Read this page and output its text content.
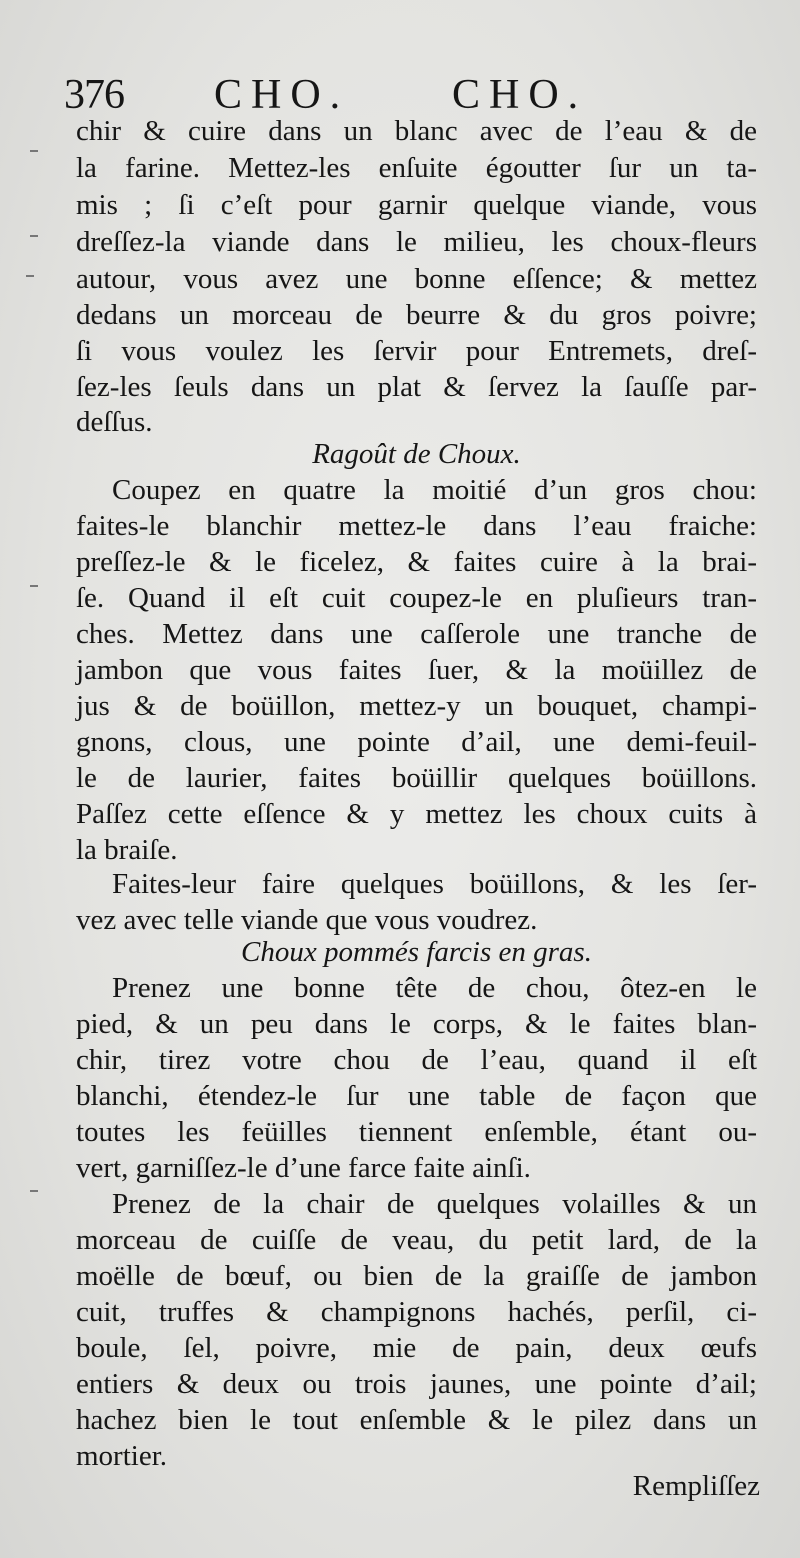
376 CHO. CHO.
chir & cuire dans un blanc avec de l’eau & de
la farine. Mettez-les enſuite égoutter ſur un ta-
mis ; ſi c’eſt pour garnir quelque viande, vous
dreſſez-la viande dans le milieu, les choux-fleurs
autour, vous avez une bonne eſſence; & mettez
dedans un morceau de beurre & du gros poivre;
ſi vous voulez les ſervir pour Entremets, dreſ-
ſez-les ſeuls dans un plat & ſervez la ſauſſe par-
deſſus.
Ragoût de Choux.
Coupez en quatre la moitié d’un gros chou:
faites-le blanchir mettez-le dans l’eau fraiche:
preſſez-le & le ficelez, & faites cuire à la brai-
ſe. Quand il eſt cuit coupez-le en pluſieurs tran-
ches. Mettez dans une caſſerole une tranche de
jambon que vous faites ſuer, & la moüillez de
jus & de boüillon, mettez-y un bouquet, champi-
gnons, clous, une pointe d’ail, une demi-feuil-
le de laurier, faites boüillir quelques boüillons.
Paſſez cette eſſence & y mettez les choux cuits à
la braiſe.
Faites-leur faire quelques boüillons, & les ſer-
vez avec telle viande que vous voudrez.
Choux pommés farcis en gras.
Prenez une bonne tête de chou, ôtez-en le
pied, & un peu dans le corps, & le faites blan-
chir, tirez votre chou de l’eau, quand il eſt
blanchi, étendez-le ſur une table de façon que
toutes les feüilles tiennent enſemble, étant ou-
vert, garniſſez-le d’une farce faite ainſi.
Prenez de la chair de quelques volailles & un
morceau de cuiſſe de veau, du petit lard, de la
moëlle de bœuf, ou bien de la graiſſe de jambon
cuit, truffes & champignons hachés, perſil, ci-
boule, ſel, poivre, mie de pain, deux œufs
entiers & deux ou trois jaunes, une pointe d’ail;
hachez bien le tout enſemble & le pilez dans un
mortier.
Rempliſſez
